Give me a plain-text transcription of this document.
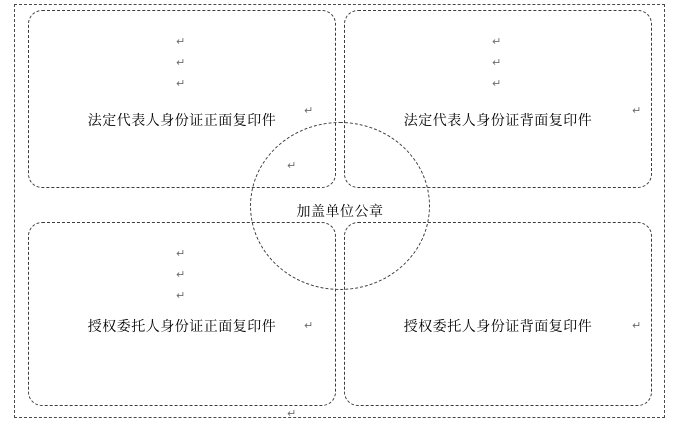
法定代表人身份证正面复印件	法定代表人身份证背面复印件
授权委托人身份证正面复印件	授权委托人身份证背面复印件
↵
↵
↵
↵
↵
↵
↵	↵
↵
↵
↵
↵
↵	↵
↵
加盖单位公章
